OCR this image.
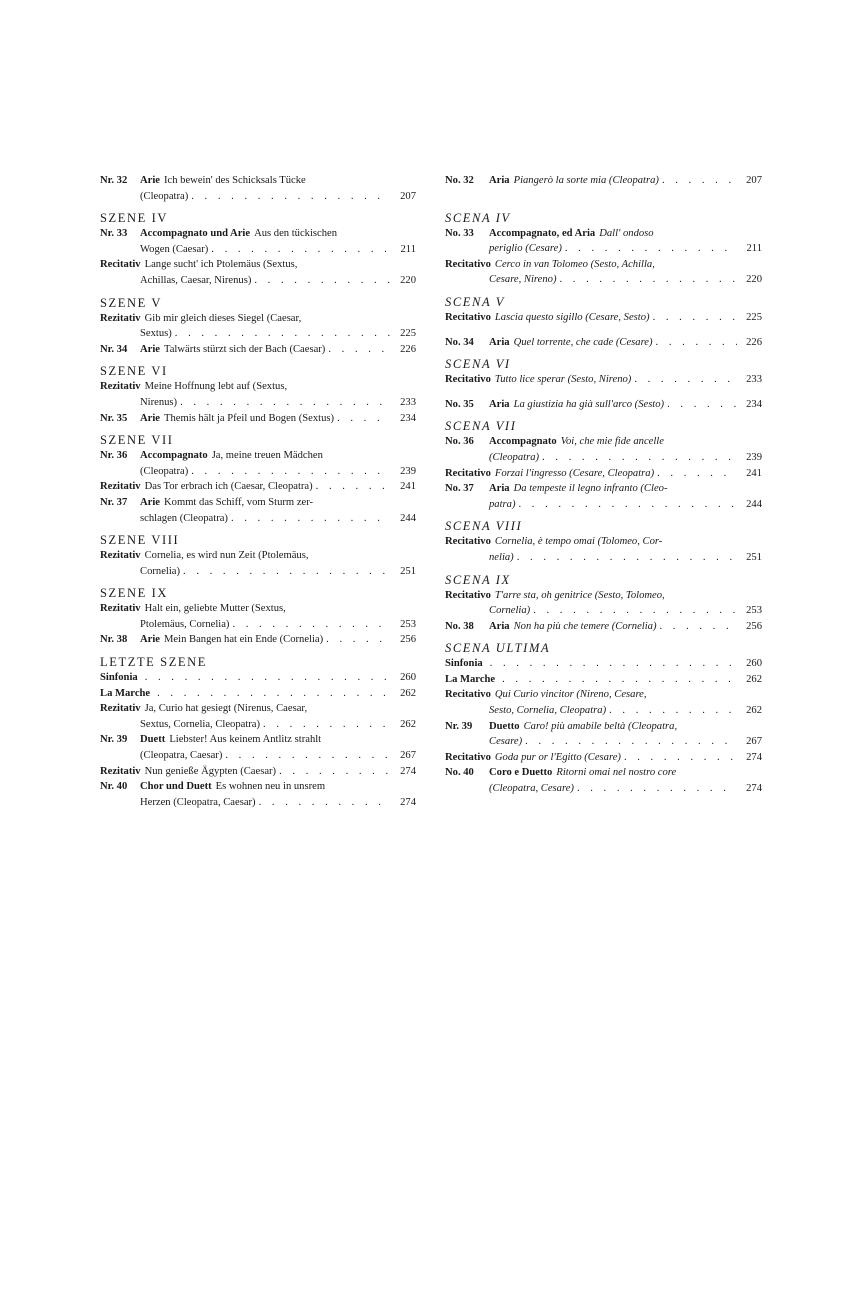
Nr. 32	Arie Ich bewein' des Schicksals Tücke
(Cleopatra) . . .	207
SZENE IV
Nr. 33	Accompagnato und Arie Aus den tückischen
Wogen (Caesar) . . .	211
Recitativ Lange sucht' ich Ptolemäus (Sextus,
Achillas, Caesar, Nirenus) . . .	220
SZENE V
Rezitativ Gib mir gleich dieses Siegel (Caesar,
Sextus) . . .	225
Nr. 34	Arie Talwärts stürzt sich der Bach (Caesar) . . .	226
SZENE VI
Rezitativ Meine Hoffnung lebt auf (Sextus,
Nirenus) . . .	233
Nr. 35	Arie Themis hält ja Pfeil und Bogen (Sextus) . . .	234
SZENE VII
Nr. 36	Accompagnato Ja, meine treuen Mädchen
(Cleopatra) . . .	239
Rezitativ Das Tor erbrach ich (Caesar, Cleopatra) . . .	241
Nr. 37	Arie Kommt das Schiff, vom Sturm zer-
schlagen (Cleopatra) . . .	244
SZENE VIII
Rezitativ Cornelia, es wird nun Zeit (Ptolemäus,
Cornelia) . . .	251
SZENE IX
Rezitativ Halt ein, geliebte Mutter (Sextus,
Ptolemäus, Cornelia) . . .	253
Nr. 38	Arie Mein Bangen hat ein Ende (Cornelia) . . .	256
LETZTE SZENE
Sinfonia . . .	260
La Marche . . .	262
Rezitativ Ja, Curio hat gesiegt (Nirenus, Caesar,
Sextus, Cornelia, Cleopatra) . . .	262
Nr. 39	Duett Liebster! Aus keinem Antlitz strahlt
(Cleopatra, Caesar) . . .	267
Rezitativ Nun genieße Ägypten (Caesar) . . .	274
Nr. 40	Chor und Duett Es wohnen neu in unsrem
Herzen (Cleopatra, Caesar) . . .	274
No. 32	Aria Piangerò la sorte mia (Cleopatra) . . .	207
SCENA IV
No. 33	Accompagnato, ed Aria Dall' ondoso
periglio (Cesare) . . .	211
Recitativo Cerco in van Tolomeo (Sesto, Achilla,
Cesare, Nireno) . . .	220
SCENA V
Recitativo Lascia questo sigillo (Cesare, Sesto) . . .	225
No. 34	Aria Quel torrente, che cade (Cesare) . . .	226
SCENA VI
Recitativo Tutto lice sperar (Sesto, Nireno) . . .	233
No. 35	Aria La giustizia ha già sull'arco (Sesto) . . .	234
SCENA VII
No. 36	Accompagnato Voi, che mie fide ancelle
(Cleopatra) . . .	239
Recitativo Forzai l'ingresso (Cesare, Cleopatra) . . .	241
No. 37	Aria Da tempeste il legno infranto (Cleo-
patra) . . .	244
SCENA VIII
Recitativo Cornelia, è tempo omai (Tolomeo, Cor-
nelia) . . .	251
SCENA IX
Recitativo T'arre sta, oh genitrice (Sesto, Tolomeo,
Cornelia) . . .	253
No. 38	Aria Non ha più che temere (Cornelia) . . .	256
SCENA ULTIMA
Sinfonia . . .	260
La Marche . . .	262
Recitativo Qui Curio vincitor (Nireno, Cesare,
Sesto, Cornelia, Cleopatra) . . .	262
Nr. 39	Duetto Caro! più amabile beltà (Cleopatra,
Cesare) . . .	267
Recitativo Goda pur or l'Egitto (Cesare) . . .	274
No. 40	Coro e Duetto Ritorni omai nel nostro core
(Cleopatra, Cesare) . . .	274
